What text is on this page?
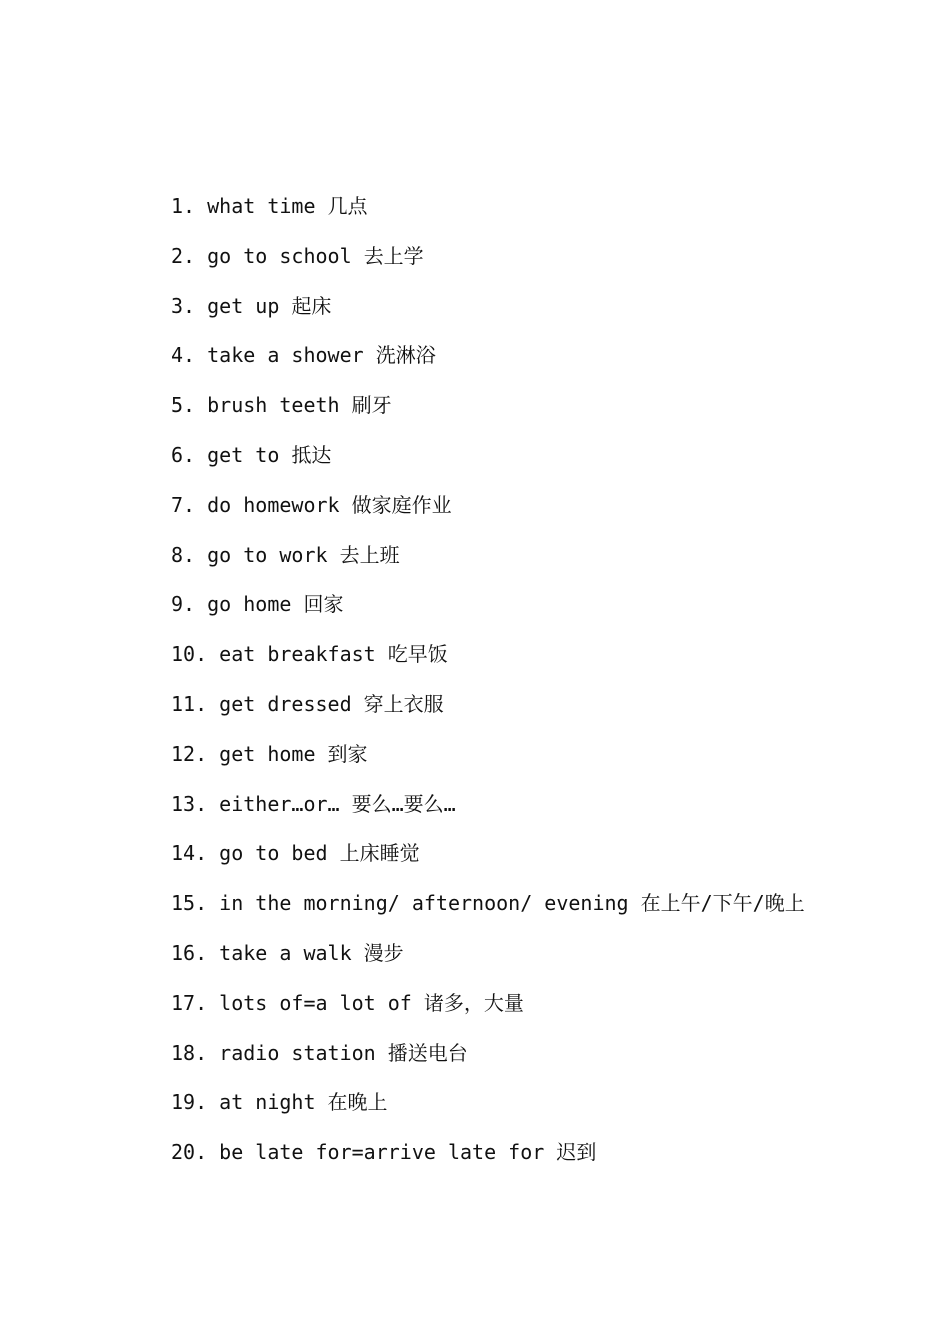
1. what time 几点
2. go to school 去上学
3. get up 起床
4. take a shower 洗淋浴
5. brush teeth 刷牙
6. get to 抵达
7. do homework 做家庭作业
8. go to work 去上班
9. go home 回家
10. eat breakfast 吃早饭
11. get dressed 穿上衣服
12. get home 到家
13. either…or… 要么…要么…
14. go to bed 上床睡觉
15. in the morning/ afternoon/ evening 在上午/下午/晚上
16. take a walk 漫步
17. lots of=a lot of 诸多，大量
18. radio station 播送电台
19. at night 在晚上
20. be late for=arrive late for 迟到
